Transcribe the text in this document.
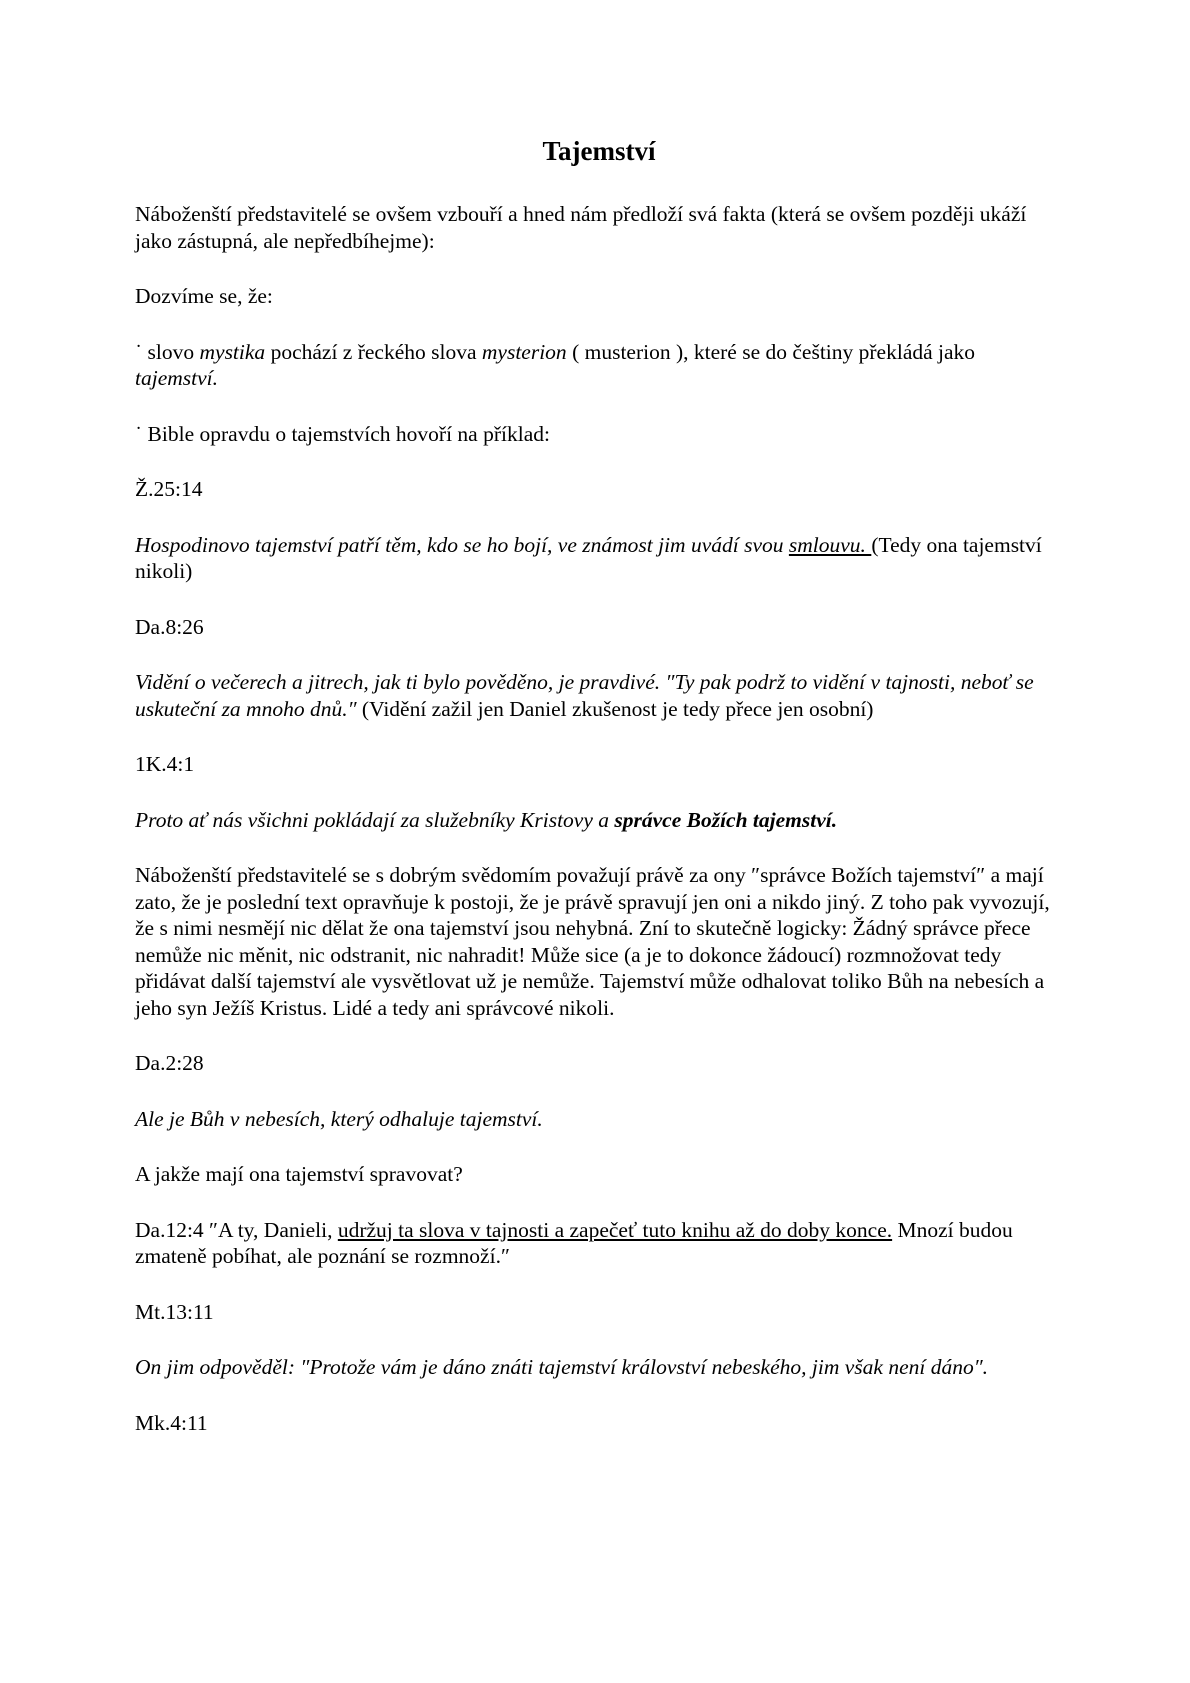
Tajemství
Náboženští představitelé se ovšem vzbouří a hned nám předloží svá fakta (která se ovšem později ukáží jako zástupná, ale nepředbíhejme):
Dozvíme se, že:
˙ slovo mystika pochází z řeckého slova mysterion ( musterion ), které se do češtiny překládá jako tajemství.
˙ Bible opravdu o tajemstvích hovoří na příklad:
Ž.25:14
Hospodinovo tajemství patří těm, kdo se ho bojí, ve známost jim uvádí svou smlouvu. (Tedy ona tajemství nikoli)
Da.8:26
Vidění o večerech a jitrech, jak ti bylo pověděno, je pravdivé. ″Ty pak podrž to vidění v tajnosti, neboť se uskuteční za mnoho dnů.″ (Vidění zažil jen Daniel zkušenost je tedy přece jen osobní)
1K.4:1
Proto ať nás všichni pokládají za služebníky Kristovy a správce Božích tajemství.
Náboženští představitelé se s dobrým svědomím považují právě za ony ″správce Božích tajemství″ a mají zato, že je poslední text opravňuje k postoji, že je právě spravují jen oni a nikdo jiný. Z toho pak vyvozují, že s nimi nesmějí nic dělat že ona tajemství jsou nehybná. Zní to skutečně logicky: Žádný správce přece nemůže nic měnit, nic odstranit, nic nahradit! Může sice (a je to dokonce žádoucí) rozmnožovat tedy přidávat další tajemství ale vysvětlovat už je nemůže. Tajemství může odhalovat toliko Bůh na nebesích a jeho syn Ježíš Kristus. Lidé a tedy ani správcové nikoli.
Da.2:28
Ale je Bůh v nebesích, který odhaluje tajemství.
A jakže mají ona tajemství spravovat?
Da.12:4 ″A ty, Danieli, udržuj ta slova v tajnosti a zapečeť tuto knihu až do doby konce. Mnozí budou zmateně pobíhat, ale poznání se rozmnoží.″
Mt.13:11
On jim odpověděl: ″Protože vám je dáno znáti tajemství království nebeského, jim však není dáno″.
Mk.4:11
